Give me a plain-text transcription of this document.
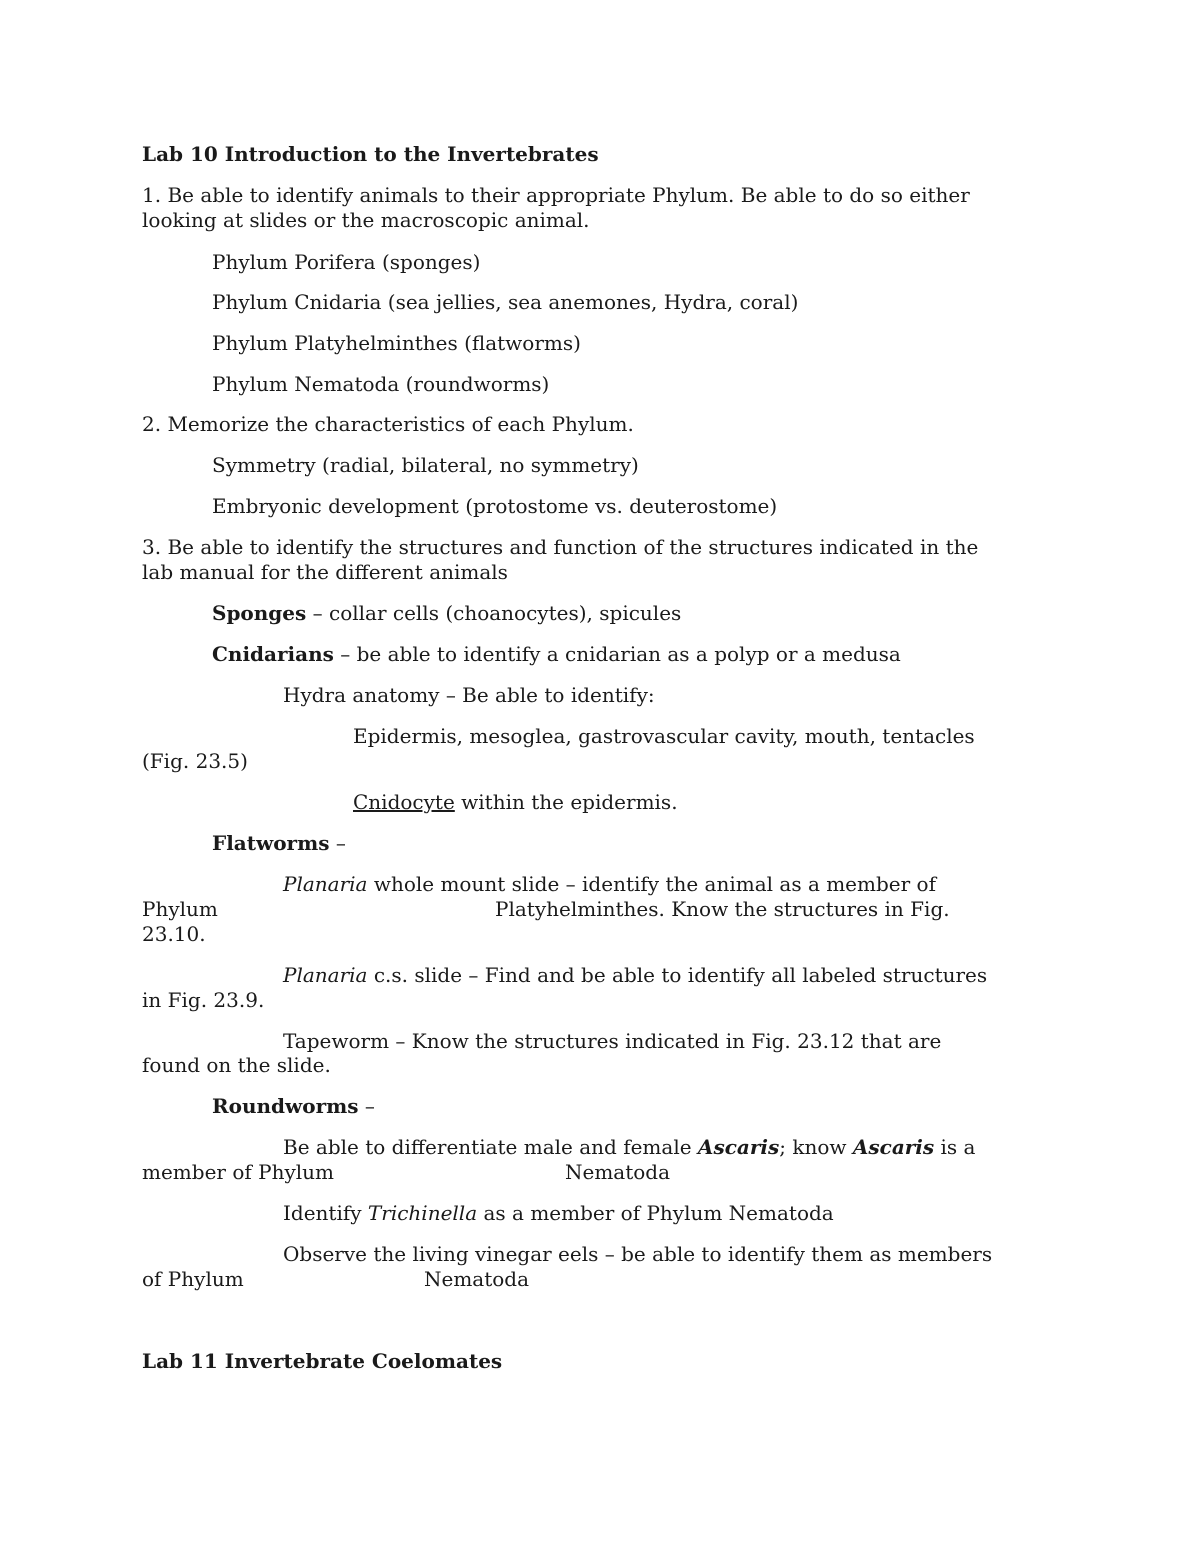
Lab 10 Introduction to the Invertebrates
1. Be able to identify animals to their appropriate Phylum. Be able to do so either
looking at slides or the macroscopic animal.
Phylum Porifera (sponges)
Phylum Cnidaria (sea jellies, sea anemones, Hydra, coral)
Phylum Platyhelminthes (flatworms)
Phylum Nematoda (roundworms)
2. Memorize the characteristics of each Phylum.
Symmetry (radial, bilateral, no symmetry)
Embryonic development (protostome vs. deuterostome)
3. Be able to identify the structures and function of the structures indicated in the
lab manual for the different animals
Sponges – collar cells (choanocytes), spicules
Cnidarians – be able to identify a cnidarian as a polyp or a medusa
Hydra anatomy – Be able to identify:
Epidermis, mesoglea, gastrovascular cavity, mouth, tentacles
(Fig. 23.5)
Cnidocyte within the epidermis.
Flatworms –
Planaria whole mount slide – identify the animal as a member of
Phylum	Platyhelminthes. Know the structures in Fig.
23.10.
Planaria c.s. slide – Find and be able to identify all labeled structures
in Fig. 23.9.
Tapeworm – Know the structures indicated in Fig. 23.12 that are
found on the slide.
Roundworms –
Be able to differentiate male and female Ascaris; know Ascaris is a
member of Phylum	Nematoda
Identify Trichinella as a member of Phylum Nematoda
Observe the living vinegar eels – be able to identify them as members
of Phylum	Nematoda
Lab 11 Invertebrate Coelomates
